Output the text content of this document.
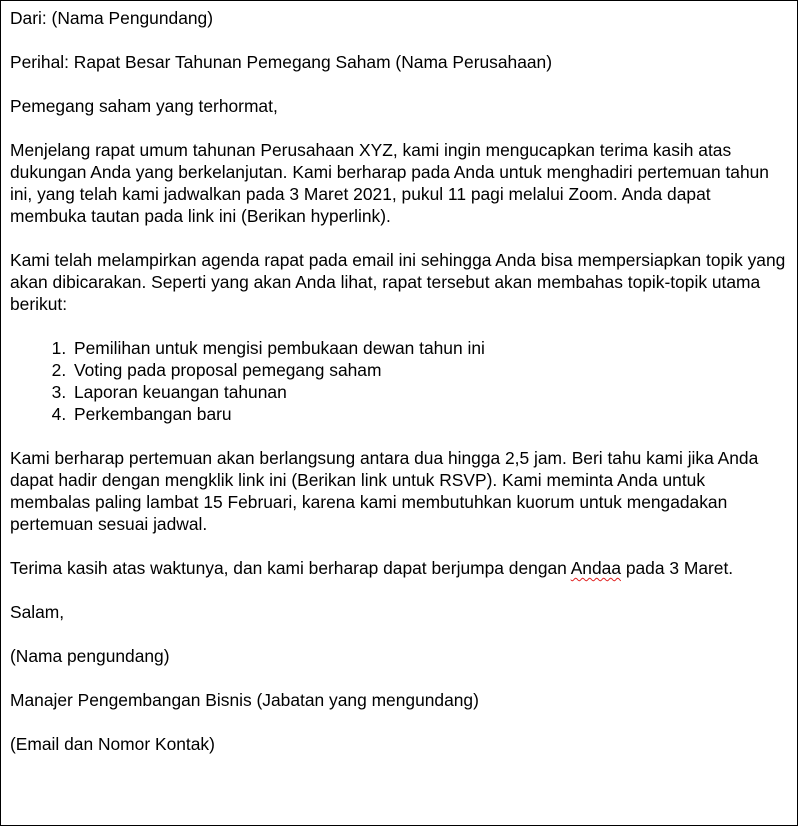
Dari: (Nama Pengundang)

Perihal: Rapat Besar Tahunan Pemegang Saham (Nama Perusahaan)

Pemegang saham yang terhormat,

Menjelang rapat umum tahunan Perusahaan XYZ, kami ingin mengucapkan terima kasih atas dukungan Anda yang berkelanjutan. Kami berharap pada Anda untuk menghadiri pertemuan tahun ini, yang telah kami jadwalkan pada 3 Maret 2021, pukul 11 pagi melalui Zoom. Anda dapat membuka tautan pada link ini (Berikan hyperlink).

Kami telah melampirkan agenda rapat pada email ini sehingga Anda bisa mempersiapkan topik yang akan dibicarakan. Seperti yang akan Anda lihat, rapat tersebut akan membahas topik-topik utama berikut:

1. Pemilihan untuk mengisi pembukaan dewan tahun ini
2. Voting pada proposal pemegang saham
3. Laporan keuangan tahunan
4. Perkembangan baru

Kami berharap pertemuan akan berlangsung antara dua hingga 2,5 jam. Beri tahu kami jika Anda dapat hadir dengan mengklik link ini (Berikan link untuk RSVP). Kami meminta Anda untuk membalas paling lambat 15 Februari, karena kami membutuhkan kuorum untuk mengadakan pertemuan sesuai jadwal.

Terima kasih atas waktunya, dan kami berharap dapat berjumpa dengan Andaa pada 3 Maret.

Salam,

(Nama pengundang)

Manajer Pengembangan Bisnis (Jabatan yang mengundang)

(Email dan Nomor Kontak)
